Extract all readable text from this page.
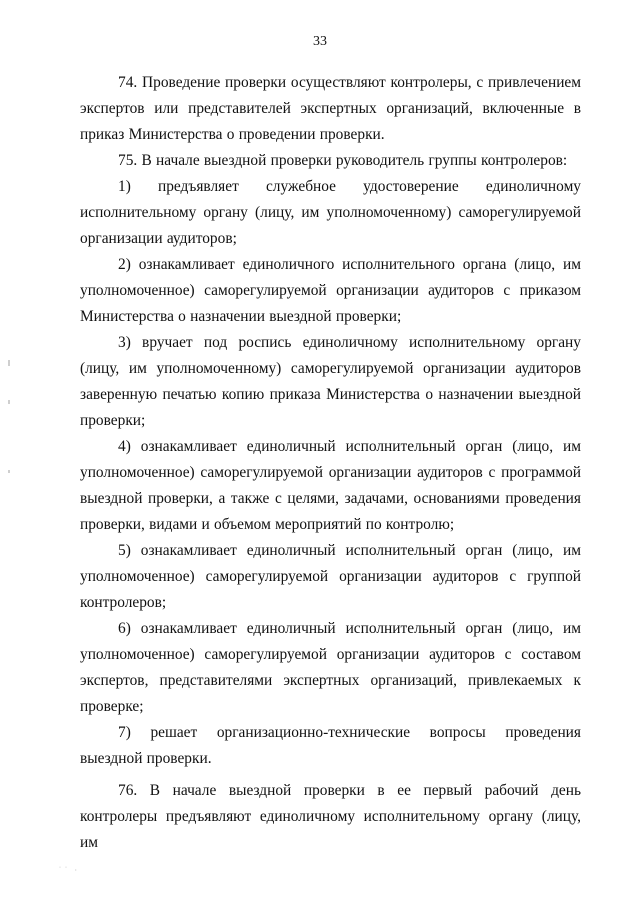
33

74. Проведение проверки осуществляют контролеры, с привлечением экспертов или представителей экспертных организаций, включенные в приказ Министерства о проведении проверки.

75. В начале выездной проверки руководитель группы контролеров:

1) предъявляет служебное удостоверение единоличному исполнительному органу (лицу, им уполномоченному) саморегулируемой организации аудиторов;

2) ознакамливает единоличного исполнительного органа (лицо, им уполномоченное) саморегулируемой организации аудиторов с приказом Министерства о назначении выездной проверки;

3) вручает под роспись единоличному исполнительному органу (лицу, им уполномоченному) саморегулируемой организации аудиторов заверенную печатью копию приказа Министерства о назначении выездной проверки;

4) ознакамливает единоличный исполнительный орган (лицо, им уполномоченное) саморегулируемой организации аудиторов с программой выездной проверки, а также с целями, задачами, основаниями проведения проверки, видами и объемом мероприятий по контролю;

5) ознакамливает единоличный исполнительный орган (лицо, им уполномоченное) саморегулируемой организации аудиторов с группой контролеров;

6) ознакамливает единоличный исполнительный орган (лицо, им уполномоченное) саморегулируемой организации аудиторов с составом экспертов, представителями экспертных организаций, привлекаемых к проверке;

7) решает организационно-технические вопросы проведения выездной проверки.

76. В начале выездной проверки в ее первый рабочий день контролеры предъявляют единоличному исполнительному органу (лицу, им

˙˙ ·
